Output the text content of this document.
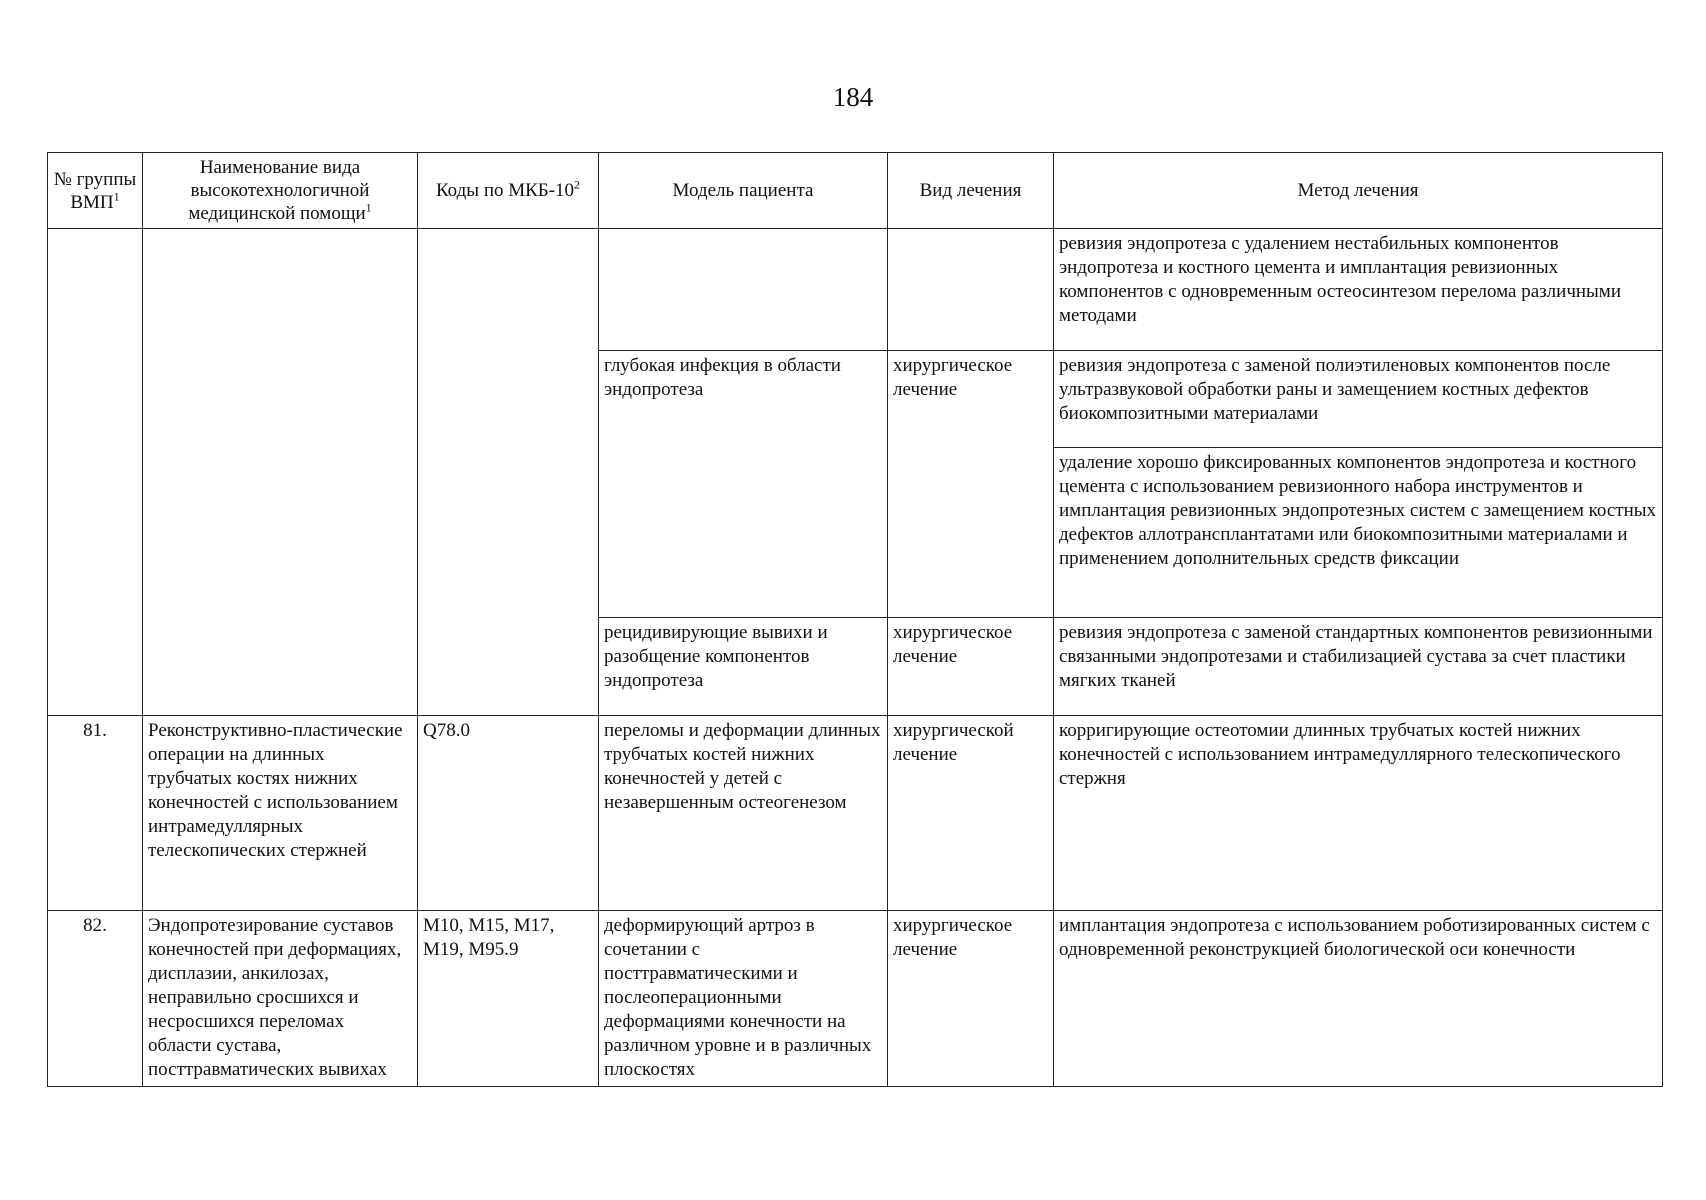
184
№ группы ВМП$^1$	Наименование вида высокотехнологичной медицинской помощи$^1$	Коды по МКБ-$10^2$	Модель пациента	Вид лечения	Метод лечения
					ревизия эндопротеза с удалением нестабильных компонентов эндопротеза и костного цемента и имплантация ревизионных компонентов с одновременным остеосинтезом перелома различными методами
			глубокая инфекция в области эндопротеза	хирургическое лечение	ревизия эндопротеза с заменой полиэтиленовых компонентов после ультразвуковой обработки раны и замещением костных дефектов биокомпозитными материалами
					удаление хорошо фиксированных компонентов эндопротеза и костного цемента с использованием ревизионного набора инструментов и имплантация ревизионных эндопротезных систем с замещением костных дефектов аллотрансплантатами или биокомпозитными материалами и применением дополнительных средств фиксации
			рецидивирующие вывихи и разобщение компонентов эндопротеза	хирургическое лечение	ревизия эндопротеза с заменой стандартных компонентов ревизионными связанными эндопротезами и стабилизацией сустава за счет пластики мягких тканей
81.	Реконструктивно-пластические операции на длинных трубчатых костях нижних конечностей с использованием интрамедуллярных телескопических стержней	Q78.0	переломы и деформации длинных трубчатых костей нижних конечностей у детей с незавершенным остеогенезом	хирургической лечение	корригирующие остеотомии длинных трубчатых костей нижних конечностей с использованием интрамедуллярного телескопического стержня
82.	Эндопротезирование суставов конечностей при деформациях, дисплазии, анкилозах, неправильно сросшихся и несросшихся переломах области сустава, посттравматических вывихах	M10, M15, M17, M19, M95.9	деформирующий артроз в сочетании с посттравматическими и послеоперационными деформациями конечности на различном уровне и в различных плоскостях	хирургическое лечение	имплантация эндопротеза с использованием роботизированных систем с одновременной реконструкцией биологической оси конечности
